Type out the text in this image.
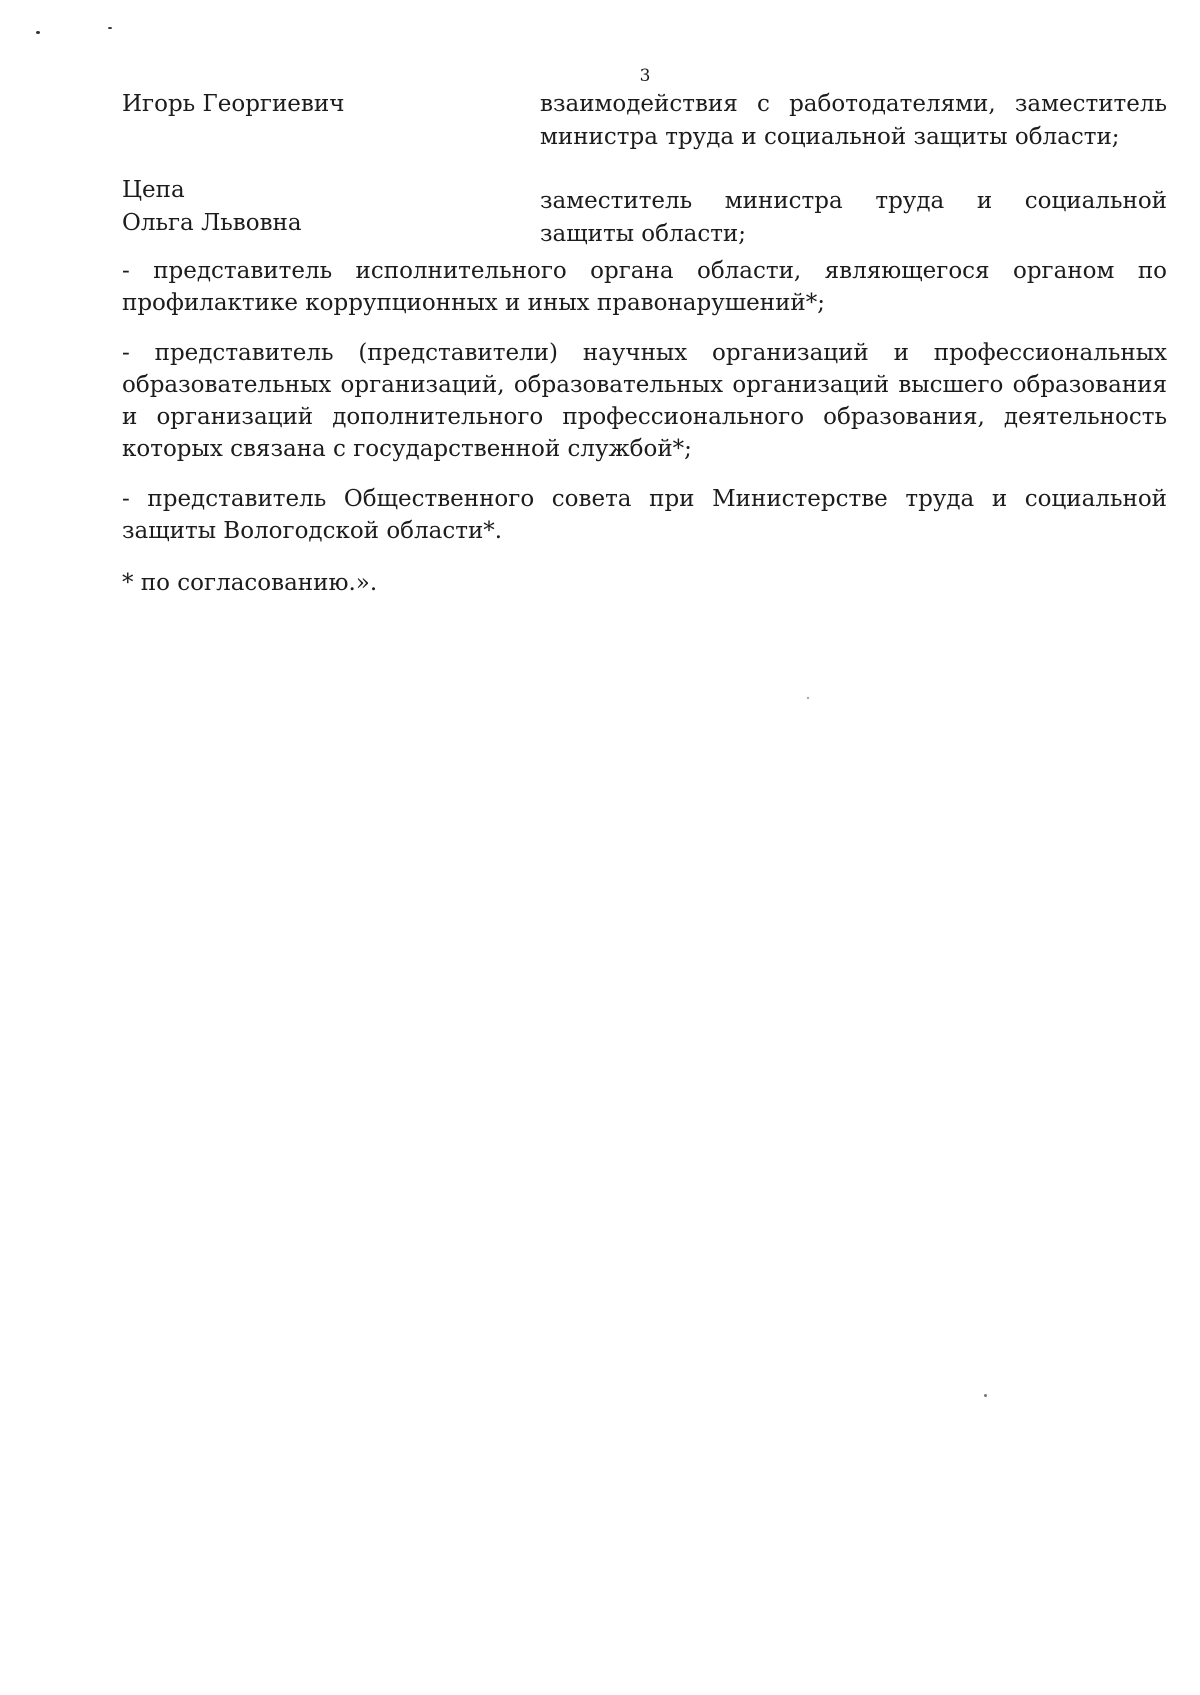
3
Игорь Георгиевич	взаимодействия с работодателями, заместитель министра труда и социальной защиты области;
Цепа
Ольга Львовна
заместитель министра труда и социальной защиты области;

- представитель исполнительного органа области, являющегося органом по профилактике коррупционных и иных правонарушений*;

- представитель (представители) научных организаций и профессиональных образовательных организаций, образовательных организаций высшего образования и организаций дополнительного профессионального образования, деятельность которых связана с государственной службой*;

- представитель Общественного совета при Министерстве труда и социальной защиты Вологодской области*.

* по согласованию.».
